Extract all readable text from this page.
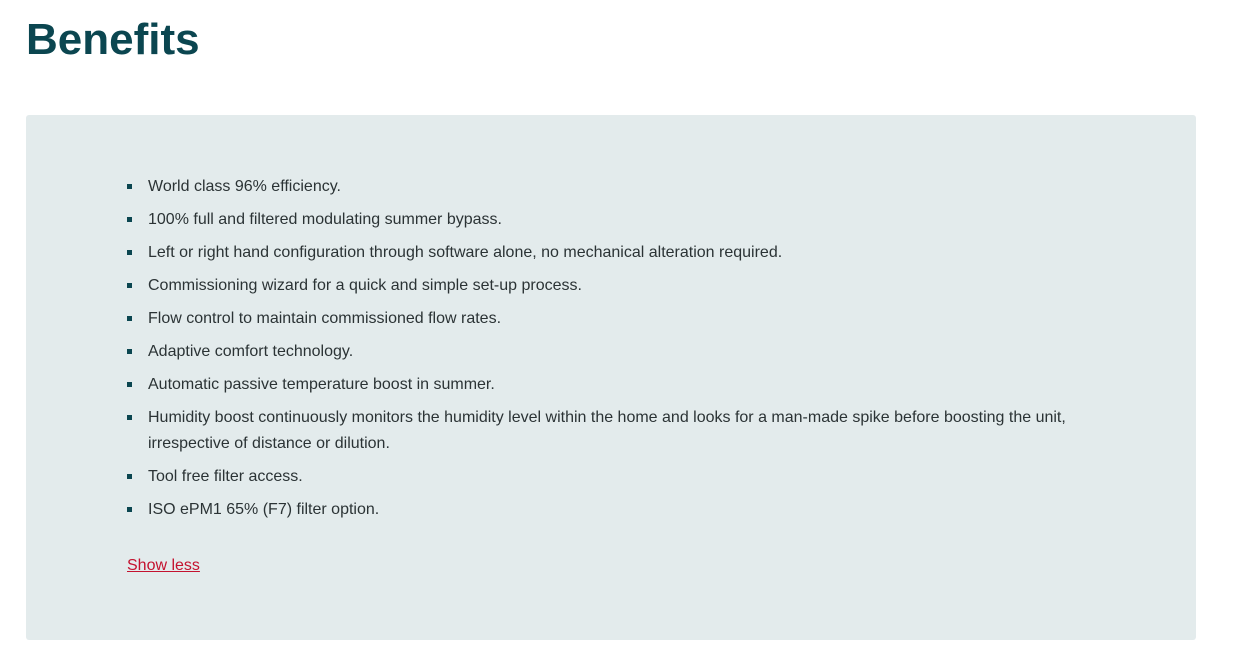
Benefits
World class 96% efficiency.
100% full and filtered modulating summer bypass.
Left or right hand configuration through software alone, no mechanical alteration required.
Commissioning wizard for a quick and simple set-up process.
Flow control to maintain commissioned flow rates.
Adaptive comfort technology.
Automatic passive temperature boost in summer.
Humidity boost continuously monitors the humidity level within the home and looks for a man-made spike before boosting the unit, irrespective of distance or dilution.
Tool free filter access.
ISO ePM1 65% (F7) filter option.
Show less
